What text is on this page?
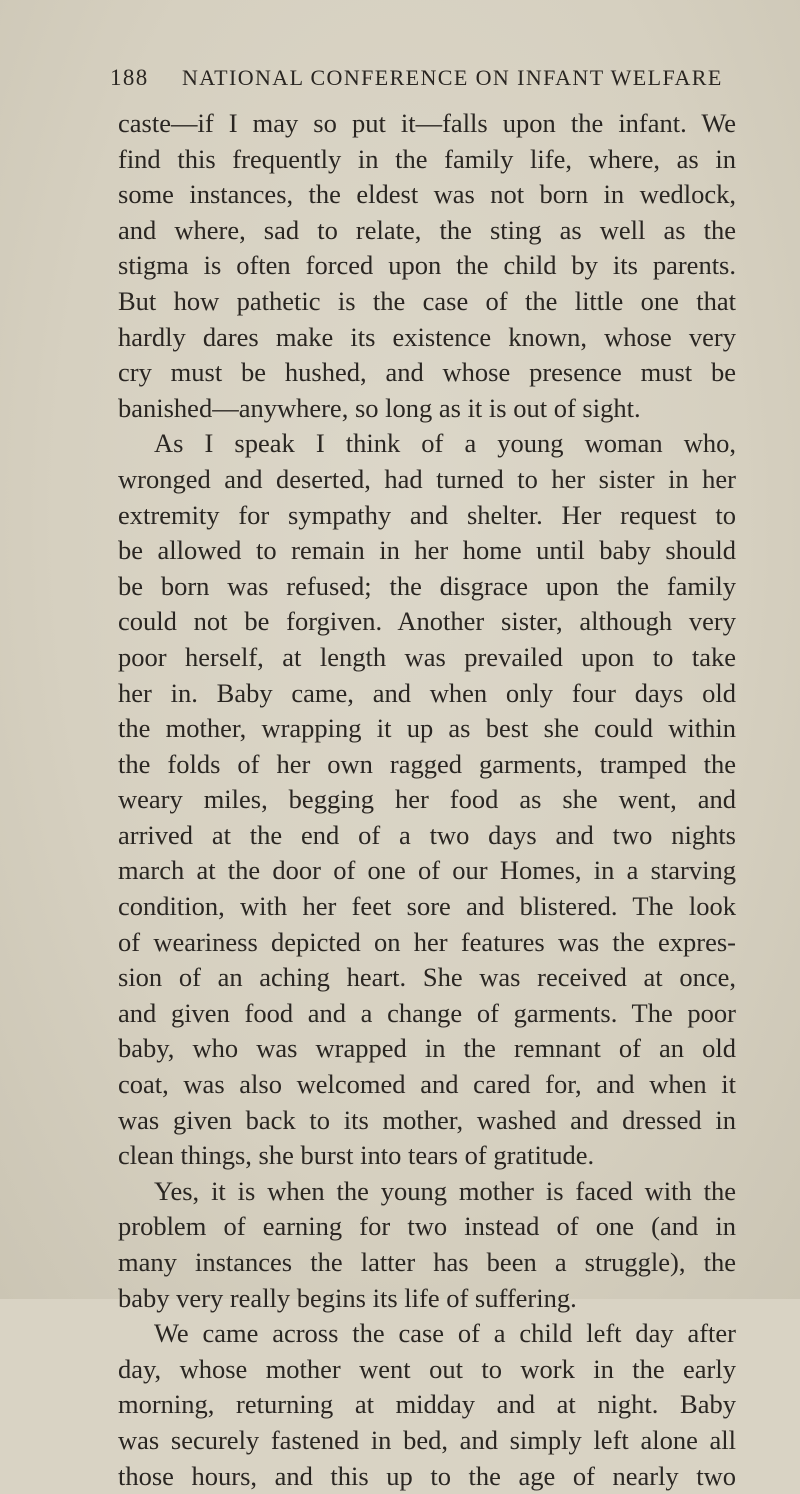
188 NATIONAL CONFERENCE ON INFANT WELFARE
caste—if I may so put it—falls upon the infant. We
find this frequently in the family life, where, as in
some instances, the eldest was not born in wedlock,
and where, sad to relate, the sting as well as the
stigma is often forced upon the child by its parents.
But how pathetic is the case of the little one that
hardly dares make its existence known, whose very
cry must be hushed, and whose presence must be
banished—anywhere, so long as it is out of sight.
As I speak I think of a young woman who,
wronged and deserted, had turned to her sister in her
extremity for sympathy and shelter. Her request to
be allowed to remain in her home until baby should
be born was refused; the disgrace upon the family
could not be forgiven. Another sister, although very
poor herself, at length was prevailed upon to take
her in. Baby came, and when only four days old
the mother, wrapping it up as best she could within
the folds of her own ragged garments, tramped the
weary miles, begging her food as she went, and
arrived at the end of a two days and two nights
march at the door of one of our Homes, in a starving
condition, with her feet sore and blistered. The look
of weariness depicted on her features was the expres-
sion of an aching heart. She was received at once,
and given food and a change of garments. The poor
baby, who was wrapped in the remnant of an old
coat, was also welcomed and cared for, and when it
was given back to its mother, washed and dressed in
clean things, she burst into tears of gratitude.
Yes, it is when the young mother is faced with the
problem of earning for two instead of one (and in
many instances the latter has been a struggle), the
baby very really begins its life of suffering.
We came across the case of a child left day after
day, whose mother went out to work in the early
morning, returning at midday and at night. Baby
was securely fastened in bed, and simply left alone all
those hours, and this up to the age of nearly two
